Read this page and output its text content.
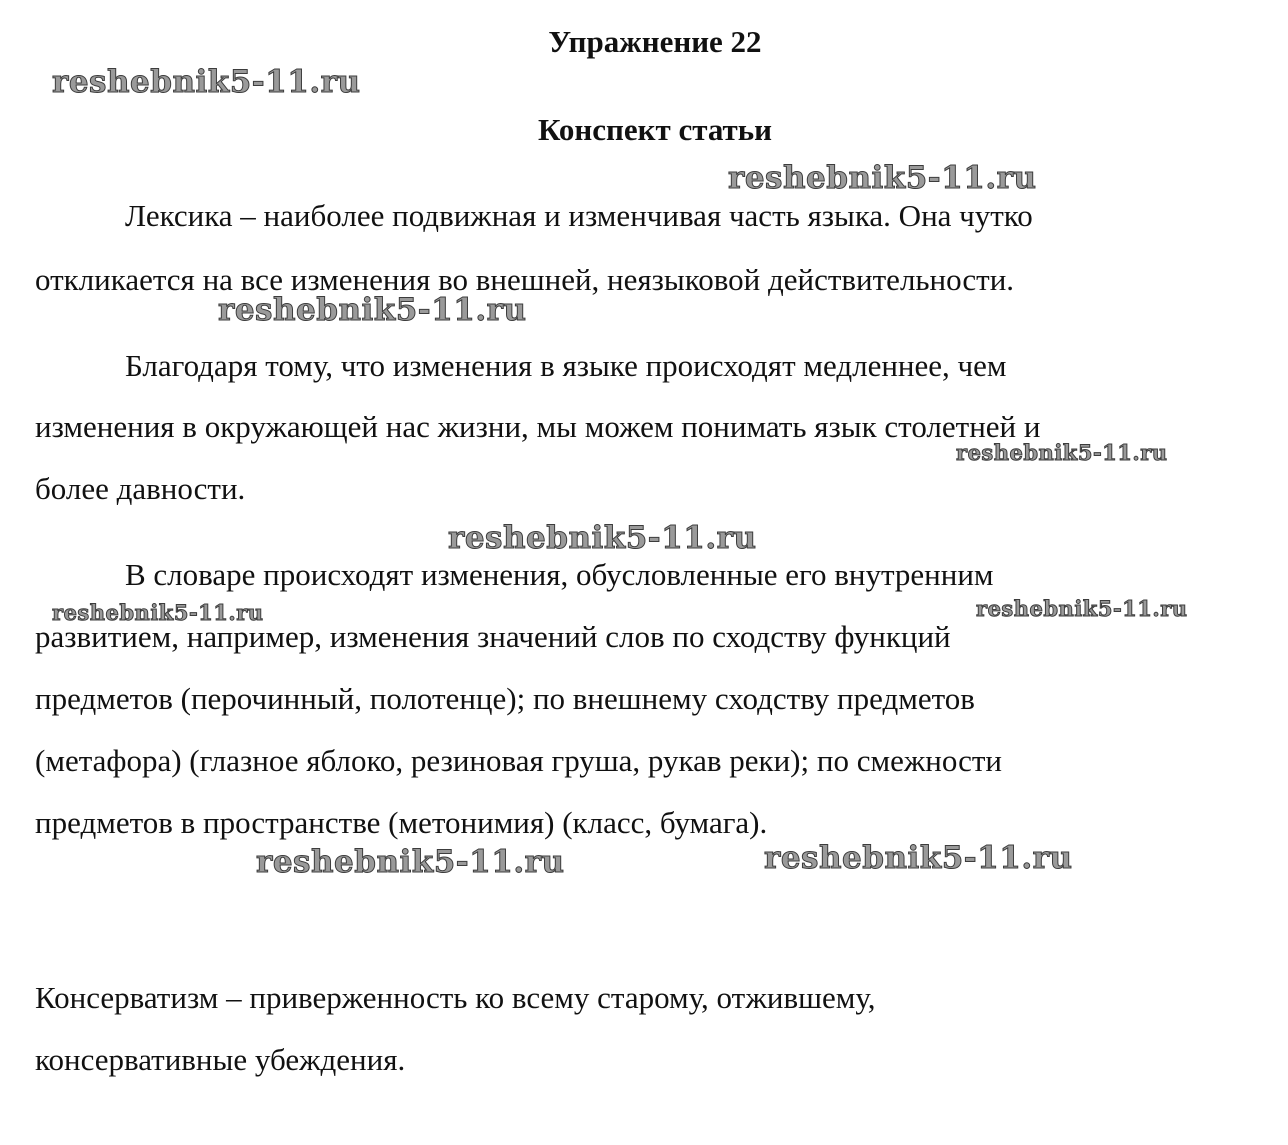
Упражнение 22
Конспект статьи

Лексика – наиболее подвижная и изменчивая часть языка. Она чутко

откликается на все изменения во внешней, неязыковой действительности.

Благодаря тому, что изменения в языке происходят медленнее, чем

изменения в окружающей нас жизни, мы можем понимать язык столетней и

более давности.

В словаре происходят изменения, обусловленные его внутренним

развитием, например, изменения значений слов по сходству функций

предметов (перочинный, полотенце); по внешнему сходству предметов

(метафора) (глазное яблоко, резиновая груша, рукав реки); по смежности

предметов в пространстве (метонимия) (класс, бумага).

Консерватизм – приверженность ко всему старому, отжившему,

консервативные убеждения.

reshebnik5-11.ru
reshebnik5-11.ru
reshebnik5-11.ru
reshebnik5-11.ru
reshebnik5-11.ru
reshebnik5-11.ru	reshebnik5-11.ru
reshebnik5-11.ru	reshebnik5-11.ru
